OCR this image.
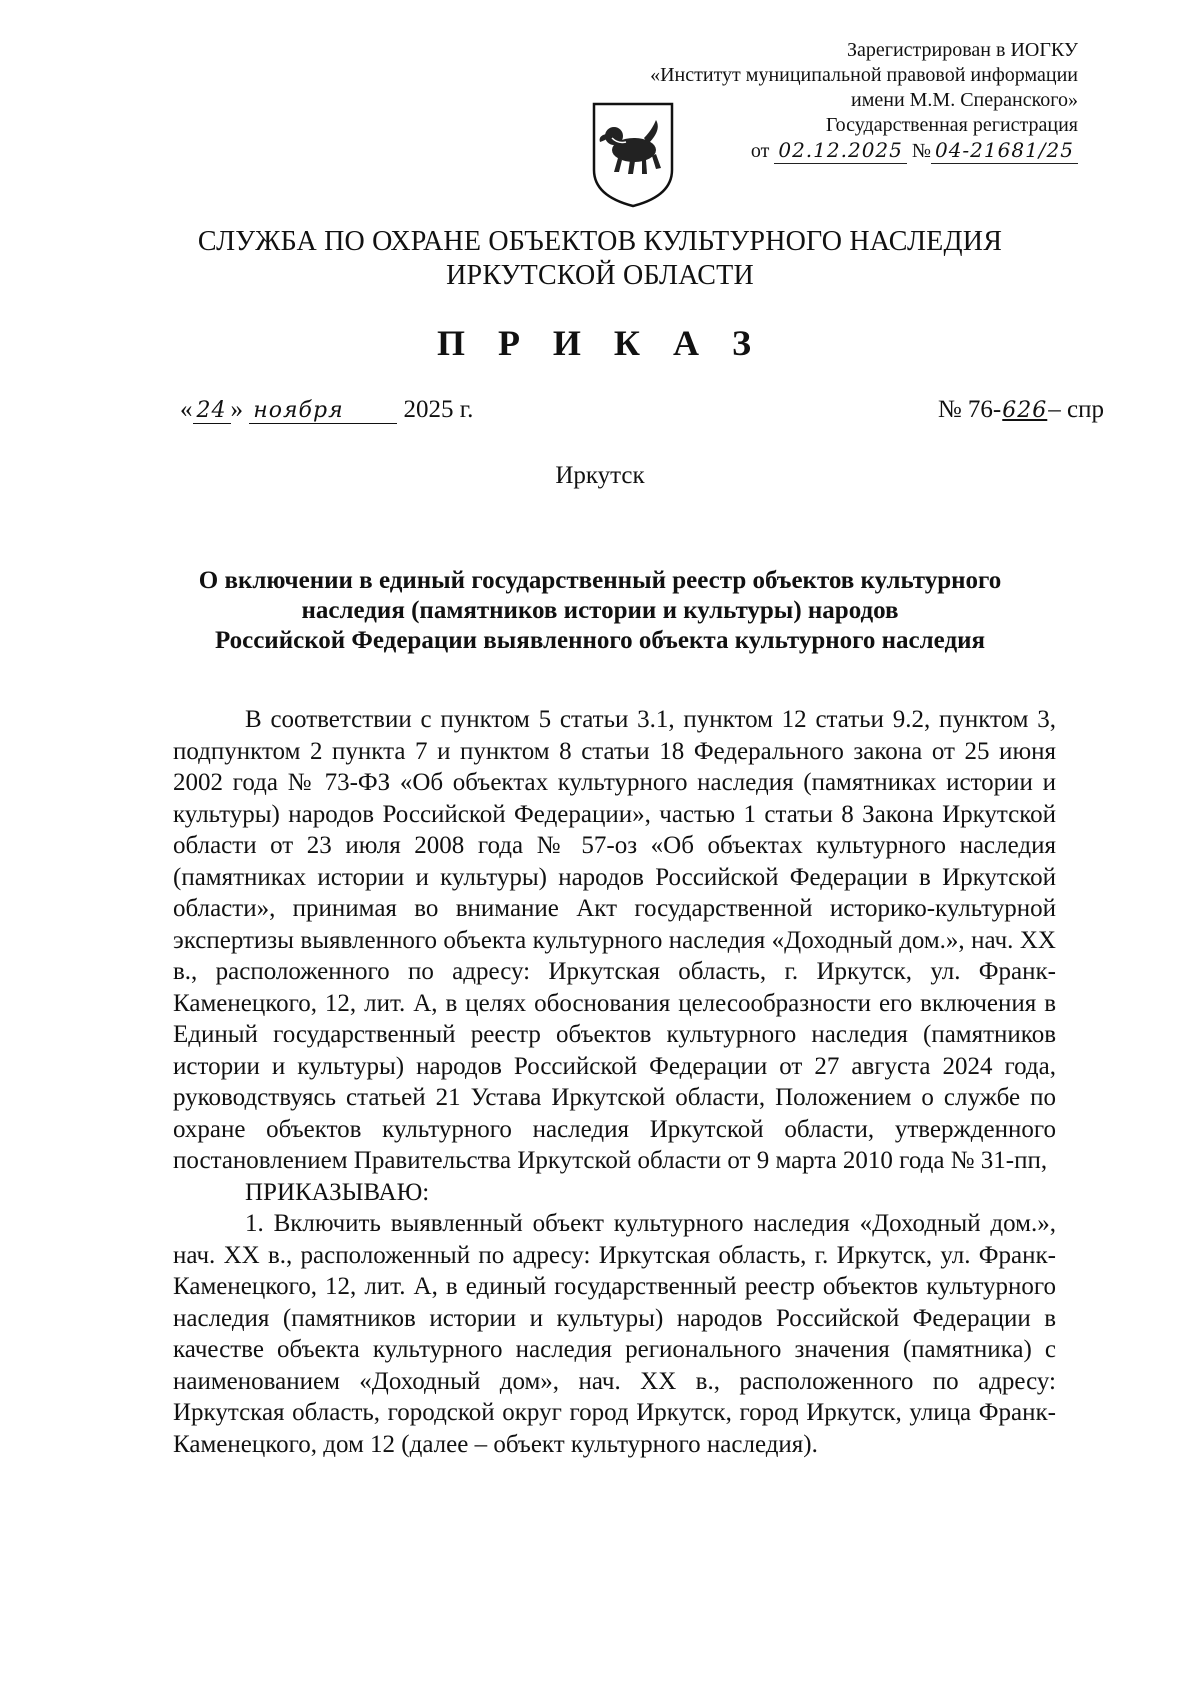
Зарегистрирован в ИОГКУ
«Институт муниципальной правовой информации
имени М.М. Сперанского»
Государственная регистрация
от 02.12.2025 № 04-21681/25
СЛУЖБА ПО ОХРАНЕ ОБЪЕКТОВ КУЛЬТУРНОГО НАСЛЕДИЯ
ИРКУТСКОЙ ОБЛАСТИ
П Р И К А З
« 24 » ноября 2025 г.	№ 76-626– спр
Иркутск
О включении в единый государственный реестр объектов культурного
наследия (памятников истории и культуры) народов
Российской Федерации выявленного объекта культурного наследия

В соответствии с пунктом 5 статьи 3.1, пунктом 12 статьи 9.2, пунктом 3, подпунктом 2 пункта 7 и пунктом 8 статьи 18 Федерального закона от 25 июня 2002 года № 73-ФЗ «Об объектах культурного наследия (памятниках истории и культуры) народов Российской Федерации», частью 1 статьи 8 Закона Иркутской области от 23 июля 2008 года № 57-оз «Об объектах культурного наследия (памятниках истории и культуры) народов Российской Федерации в Иркутской области», принимая во внимание Акт государственной историко-культурной экспертизы выявленного объекта культурного наследия «Доходный дом.», нач. XX в., расположенного по адресу: Иркутская область, г. Иркутск, ул. Франк-Каменецкого, 12, лит. А, в целях обоснования целесообразности его включения в Единый государственный реестр объектов культурного наследия (памятников истории и культуры) народов Российской Федерации от 27 августа 2024 года, руководствуясь статьей 21 Устава Иркутской области, Положением о службе по охране объектов культурного наследия Иркутской области, утвержденного постановлением Правительства Иркутской области от 9 марта 2010 года № 31-пп,

ПРИКАЗЫВАЮ:

1. Включить выявленный объект культурного наследия «Доходный дом.», нач. XX в., расположенный по адресу: Иркутская область, г. Иркутск, ул. Франк-Каменецкого, 12, лит. А, в единый государственный реестр объектов культурного наследия (памятников истории и культуры) народов Российской Федерации в качестве объекта культурного наследия регионального значения (памятника) с наименованием «Доходный дом», нач. XX в., расположенного по адресу: Иркутская область, городской округ город Иркутск, город Иркутск, улица Франк-Каменецкого, дом 12 (далее – объект культурного наследия).
